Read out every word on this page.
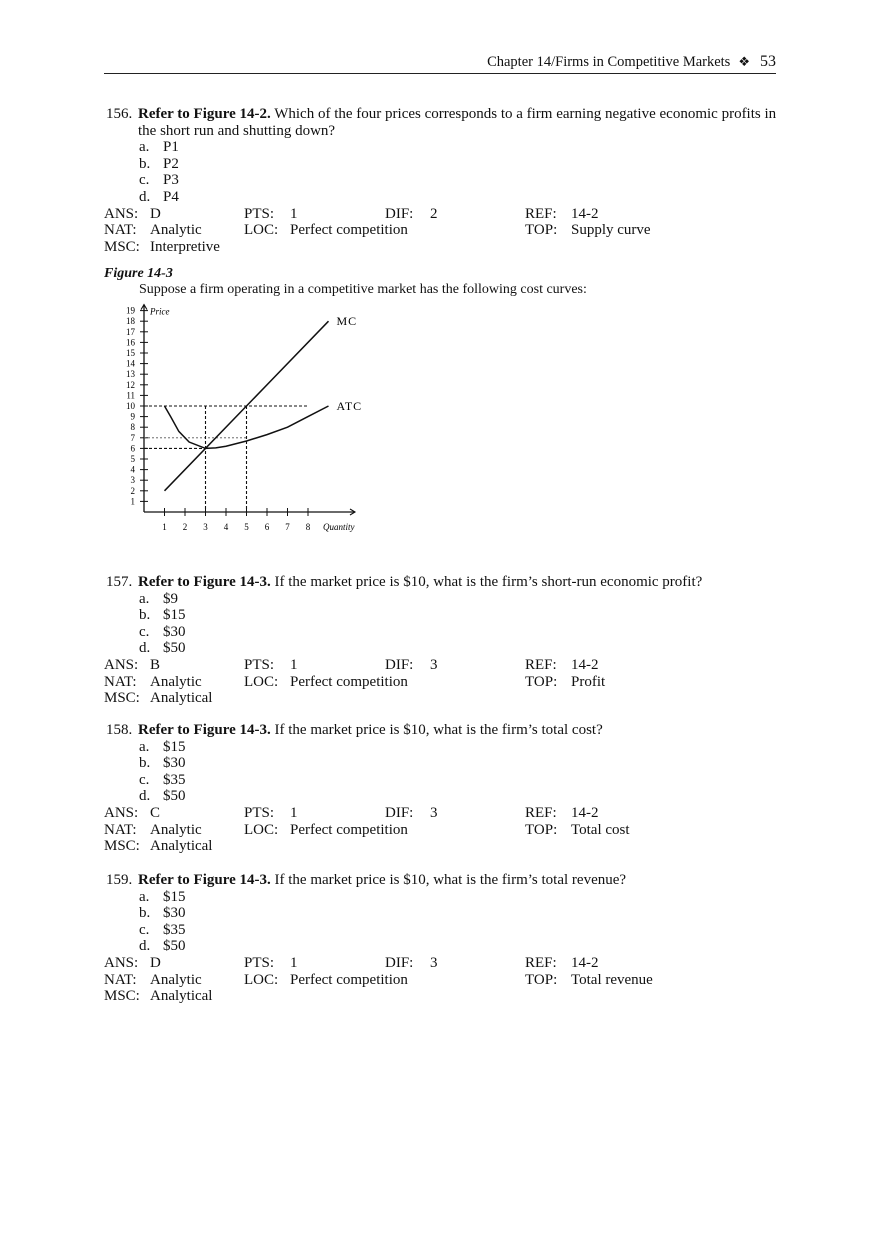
Chapter 14/Firms in Competitive Markets ❖ 53
156. Refer to Figure 14-2. Which of the four prices corresponds to a firm earning negative economic profits in the short run and shutting down?
a. P1
b. P2
c. P3
d. P4
ANS: D	PTS: 1	DIF: 2	REF: 14-2
NAT: Analytic	LOC: Perfect competition	TOP: Supply curve
MSC: Interpretive
Figure 14-3
Suppose a firm operating in a competitive market has the following cost curves:
Price
Quantity
1
2
3
4
5
6
7
8
9
10
11
12
13
14
15
16
17
18
19
1 2 3 4 5 6 7 8
MC
ATC
157. Refer to Figure 14-3. If the market price is $10, what is the firm’s short-run economic profit?
a. $9
b. $15
c. $30
d. $50
ANS: B	PTS: 1	DIF: 3	REF: 14-2
NAT: Analytic	LOC: Perfect competition	TOP: Profit
MSC: Analytical
158. Refer to Figure 14-3. If the market price is $10, what is the firm’s total cost?
a. $15
b. $30
c. $35
d. $50
ANS: C	PTS: 1	DIF: 3	REF: 14-2
NAT: Analytic	LOC: Perfect competition	TOP: Total cost
MSC: Analytical
159. Refer to Figure 14-3. If the market price is $10, what is the firm’s total revenue?
a. $15
b. $30
c. $35
d. $50
ANS: D	PTS: 1	DIF: 3	REF: 14-2
NAT: Analytic	LOC: Perfect competition	TOP: Total revenue
MSC: Analytical
